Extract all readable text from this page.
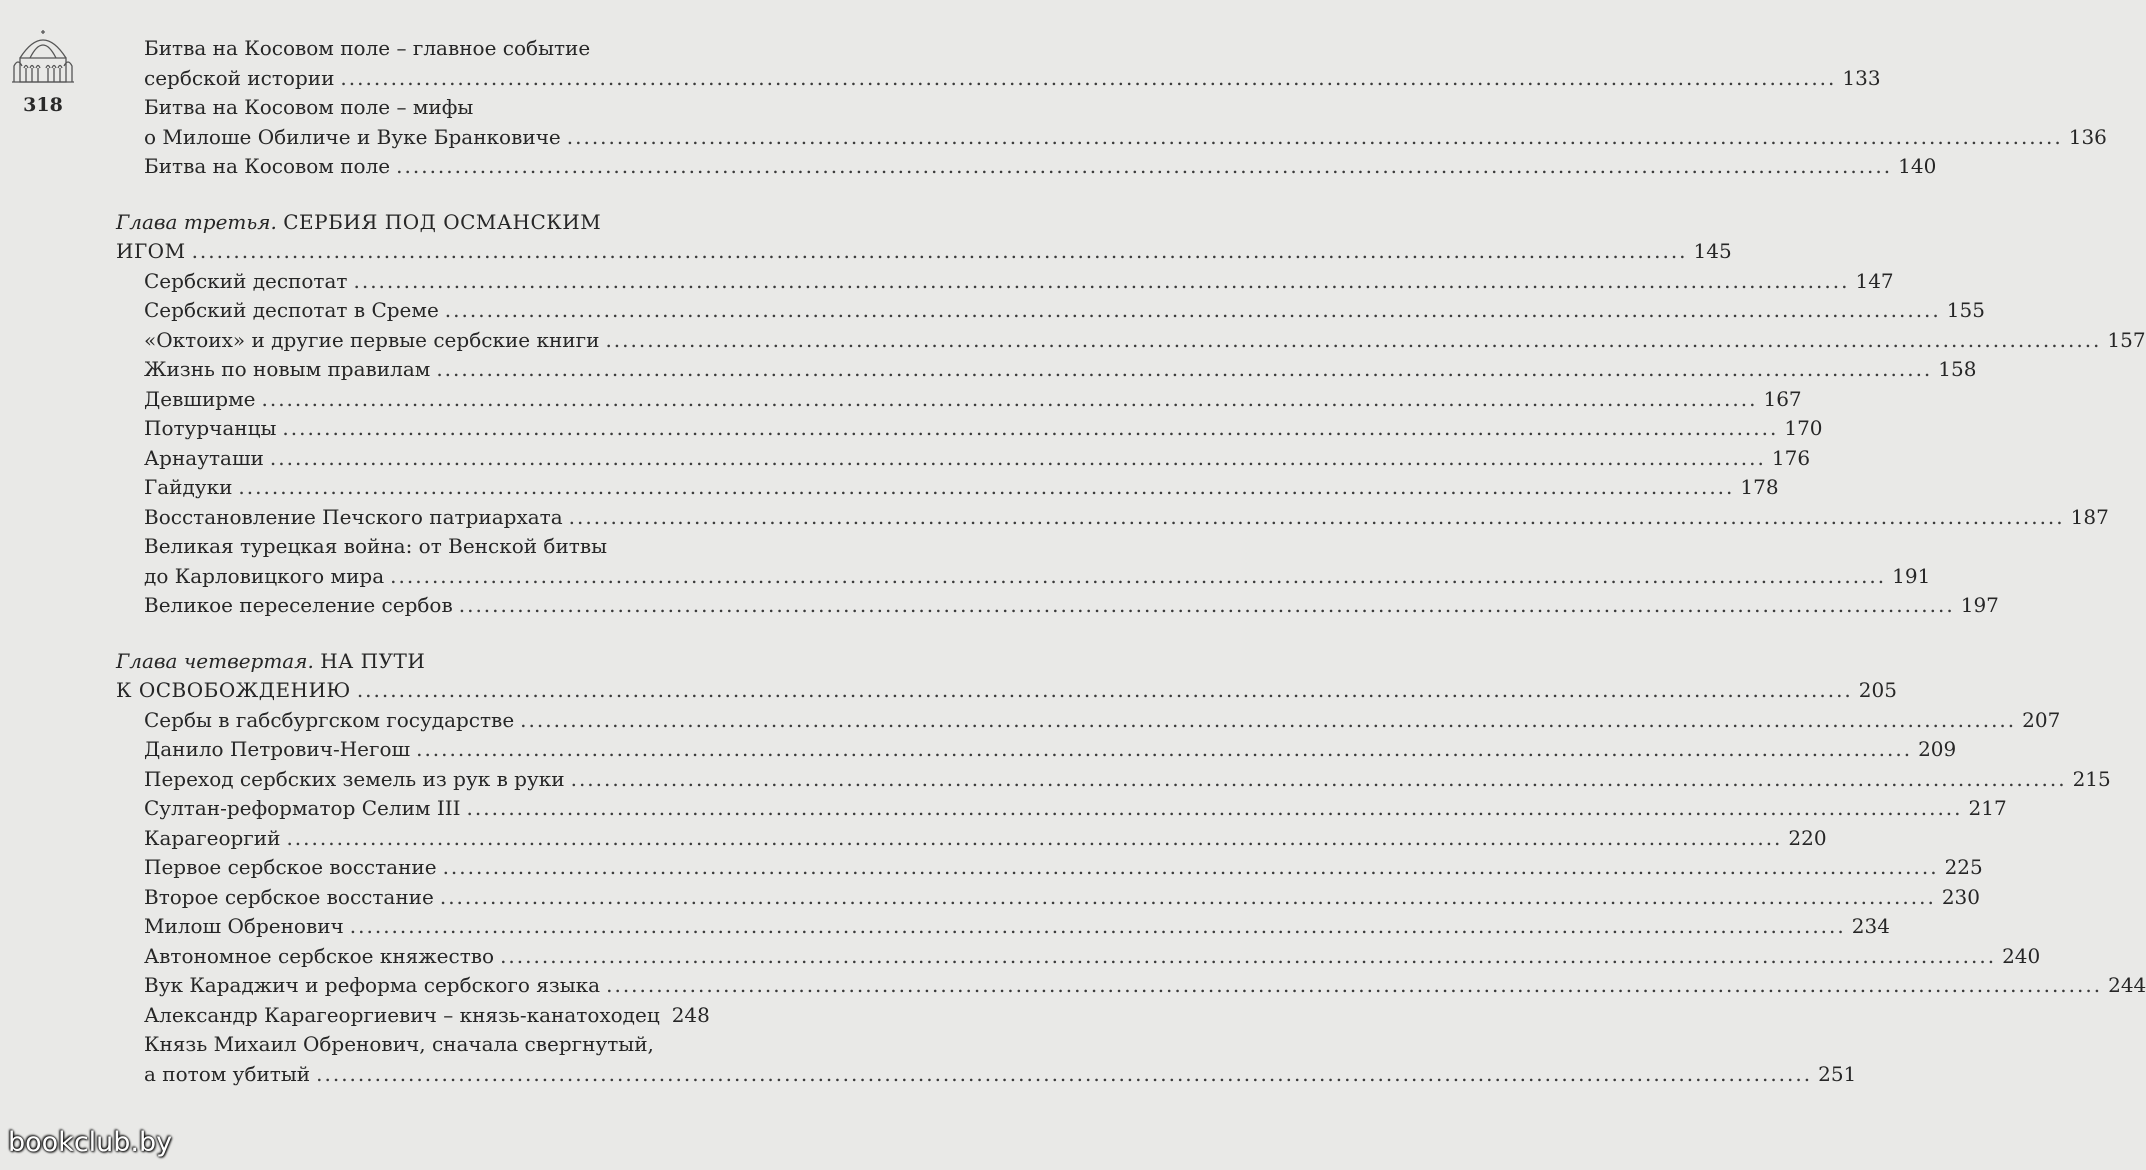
318
Битва на Косовом поле – главное событие
сербской истории .....	133
Битва на Косовом поле – мифы
о Милоше Обиличе и Вуке Бранковиче .....	136
Битва на Косовом поле .....	140
Глава третья.
СЕРБИЯ ПОД ОСМАНСКИМ
ИГОМ .....	145
Сербский деспотат .....	147
Сербский деспотат в Среме .....	155
«Октоих» и другие первые сербские книги .....	157
Жизнь по новым правилам .....	158
Девширме .....	167
Потурчанцы .....	170
Арнауташи .....	176
Гайдуки .....	178
Восстановление Печского патриархата .....	187
Великая турецкая война: от Венской битвы
до Карловицкого мира .....	191
Великое переселение сербов .....	197
Глава четвертая.
НА ПУТИ
К ОСВОБОЖДЕНИЮ .....	205
Сербы в габсбургском государстве .....	207
Данило Петрович-Негош .....	209
Переход сербских земель из рук в руки .....	215
Султан-реформатор Селим III .....	217
Карагеоргий .....	220
Первое сербское восстание .....	225
Второе сербское восстание .....	230
Милош Обренович .....	234
Автономное сербское княжество .....	240
Вук Караджич и реформа сербского языка .....	244
Александр Карагеоргиевич – князь-канатоходец 248
Князь Михаил Обренович, сначала свергнутый,
а потом убитый .....	251
bookclub.by
